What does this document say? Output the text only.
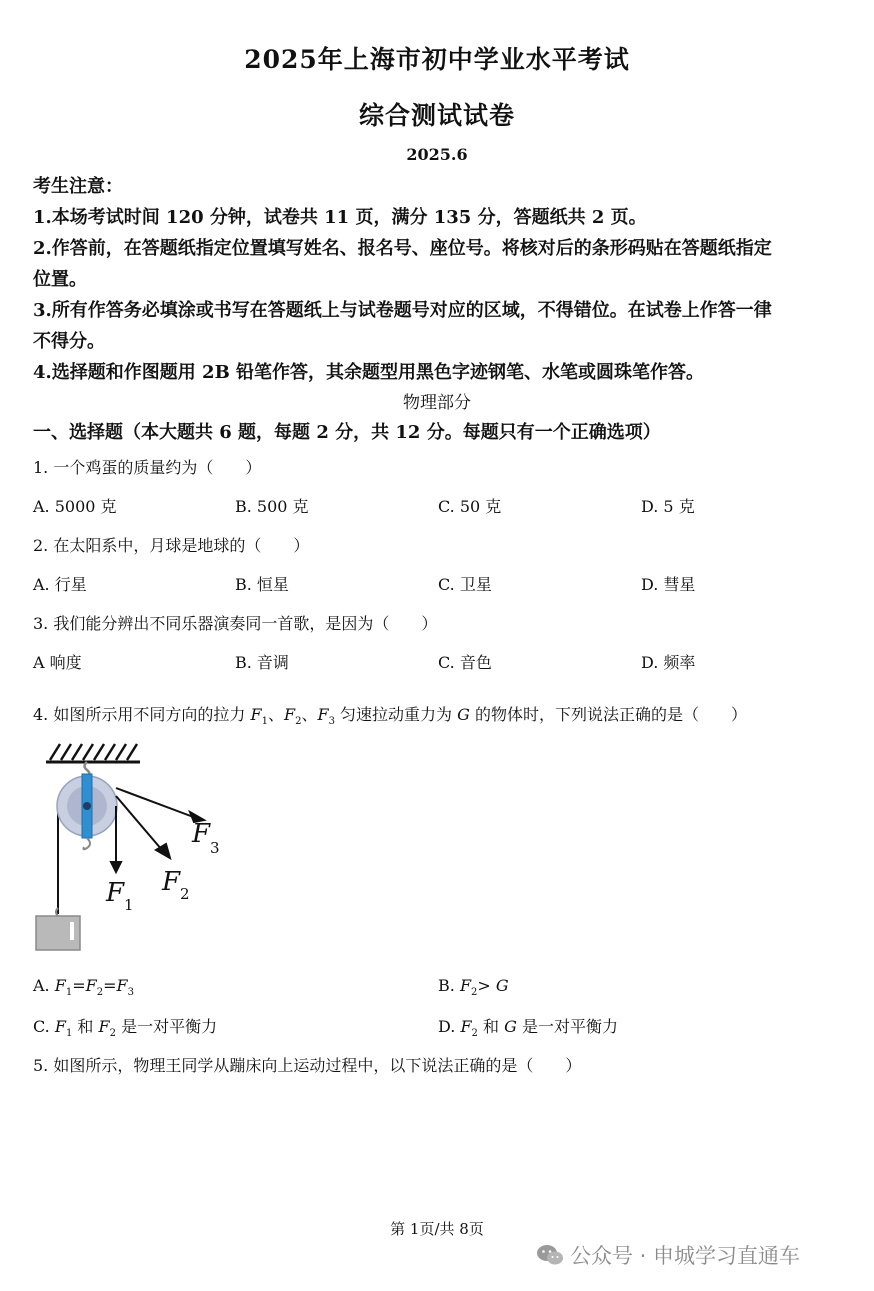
2025年上海市初中学业水平考试
综合测试试卷
2025.6
考生注意：
1.本场考试时间 120 分钟，试卷共 11 页，满分 135 分，答题纸共 2 页。
2.作答前，在答题纸指定位置填写姓名、报名号、座位号。将核对后的条形码贴在答题纸指定
位置。
3.所有作答务必填涂或书写在答题纸上与试卷题号对应的区域，不得错位。在试卷上作答一律
不得分。
4.选择题和作图题用 2B 铅笔作答，其余题型用黑色字迹钢笔、水笔或圆珠笔作答。
物理部分
一、选择题（本大题共 6 题，每题 2 分，共 12 分。每题只有一个正确选项）
1. 一个鸡蛋的质量约为（　　）
A. 5000 克	B. 500 克	C. 50 克	D. 5 克
2. 在太阳系中，月球是地球的（　　）
A. 行星	B. 恒星	C. 卫星	D. 彗星
3. 我们能分辨出不同乐器演奏同一首歌，是因为（　　）
A 响度	B. 音调	C. 音色	D. 频率
4. 如图所示用不同方向的拉力 $F_1$、$F_2$、$F_3$ 匀速拉动重力为 G 的物体时，下列说法正确的是（　　）
F 1
F 2
F 3
A. $F_1=F_2=F_3$	B. $F_2> G$
C. $F_1$ 和 $F_2$ 是一对平衡力	D. $F_2$ 和 G 是一对平衡力
5. 如图所示，物理王同学从蹦床向上运动过程中，以下说法正确的是（　　）
第 1页/共 8页
公众号 · 申城学习直通车
